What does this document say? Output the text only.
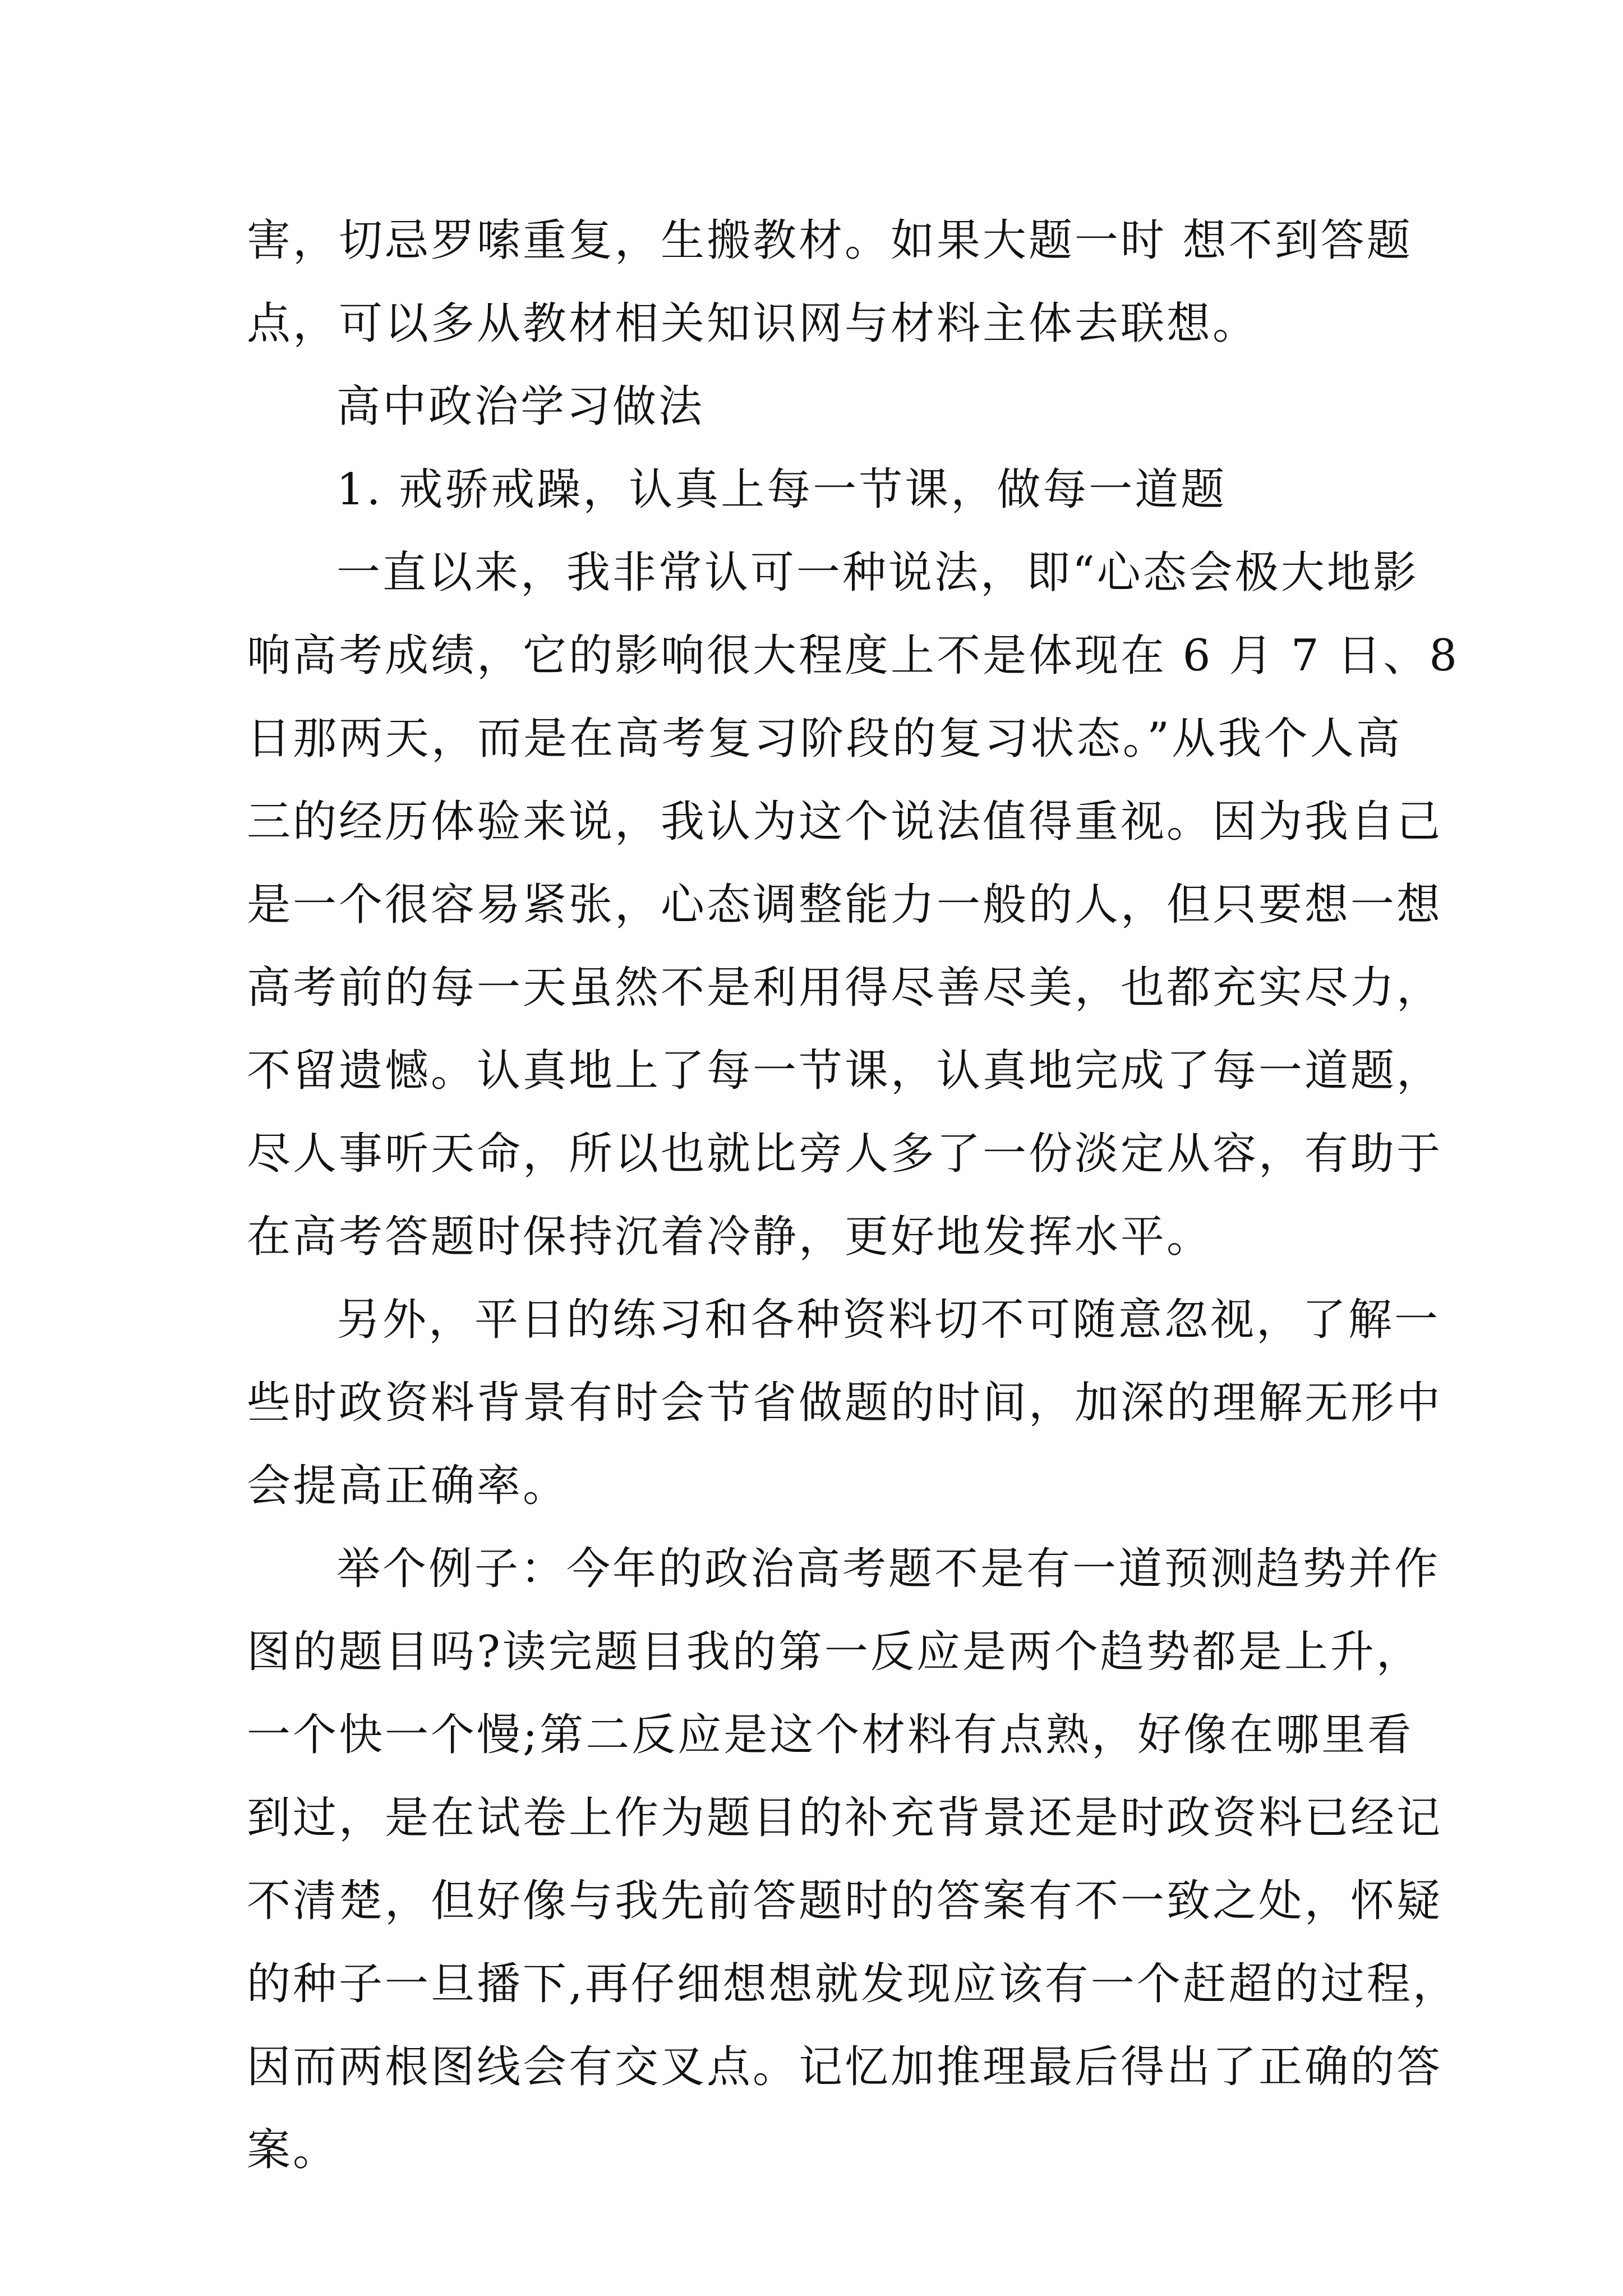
害，切忌罗嗦重复，生搬教材。如果大题一时 想不到答题
点，可以多从教材相关知识网与材料主体去联想。
高中政治学习做法
1. 戒骄戒躁，认真上每一节课，做每一道题
一直以来，我非常认可一种说法，即“心态会极大地影
响高考成绩，它的影响很大程度上不是体现在 6 月 7 日、8
日那两天，而是在高考复习阶段的复习状态。”从我个人高
三的经历体验来说，我认为这个说法值得重视。因为我自己
是一个很容易紧张，心态调整能力一般的人，但只要想一想
高考前的每一天虽然不是利用得尽善尽美，也都充实尽力，
不留遗憾。认真地上了每一节课，认真地完成了每一道题，
尽人事听天命，所以也就比旁人多了一份淡定从容，有助于
在高考答题时保持沉着冷静，更好地发挥水平。
另外，平日的练习和各种资料切不可随意忽视，了解一
些时政资料背景有时会节省做题的时间，加深的理解无形中
会提高正确率。
举个例子：今年的政治高考题不是有一道预测趋势并作
图的题目吗?读完题目我的第一反应是两个趋势都是上升，
一个快一个慢;第二反应是这个材料有点熟，好像在哪里看
到过，是在试卷上作为题目的补充背景还是时政资料已经记
不清楚，但好像与我先前答题时的答案有不一致之处，怀疑
的种子一旦播下,再仔细想想就发现应该有一个赶超的过程，
因而两根图线会有交叉点。记忆加推理最后得出了正确的答
案。
